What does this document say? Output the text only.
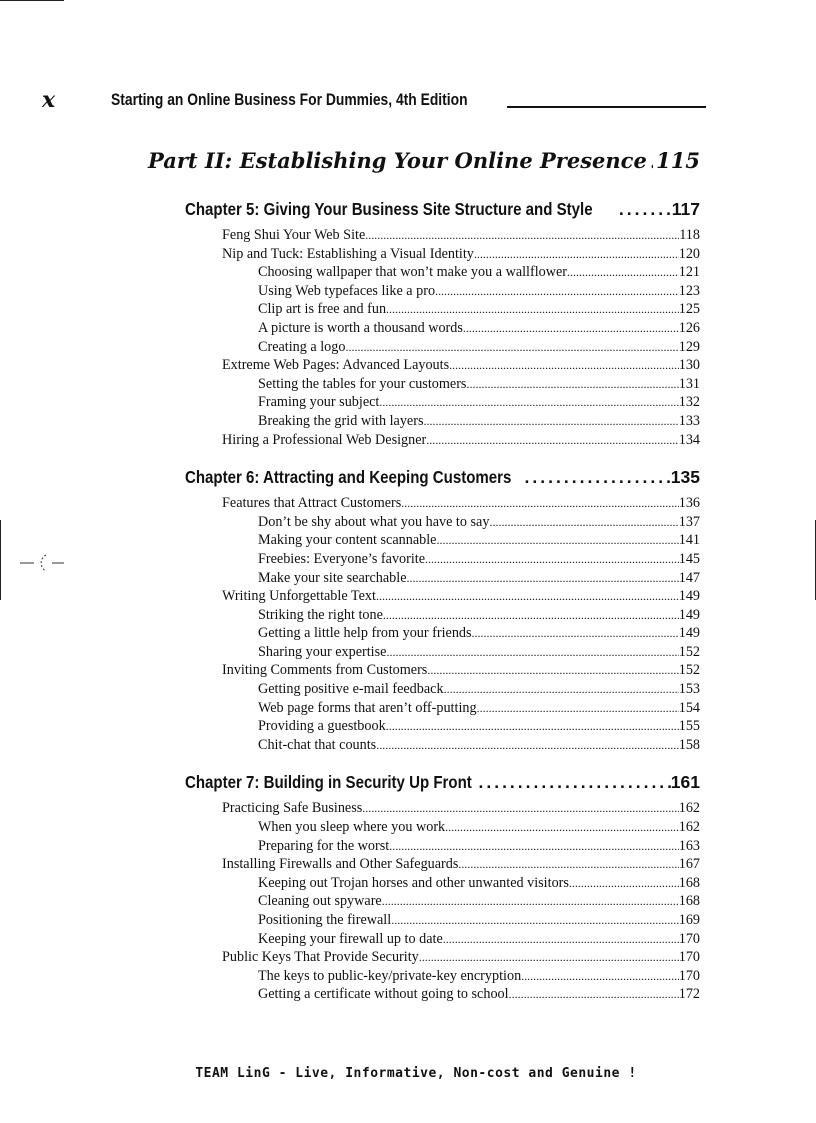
x	Starting an Online Business For Dummies, 4th Edition
Part II: Establishing Your Online Presence ..... 115
Chapter 5: Giving Your Business Site Structure and Style .....	117
Feng Shui Your Web Site .....	118
Nip and Tuck: Establishing a Visual Identity .....	120
Choosing wallpaper that won’t make you a wallflower .....	121
Using Web typefaces like a pro .....	123
Clip art is free and fun .....	125
A picture is worth a thousand words .....	126
Creating a logo .....	129
Extreme Web Pages: Advanced Layouts .....	130
Setting the tables for your customers .....	131
Framing your subject .....	132
Breaking the grid with layers .....	133
Hiring a Professional Web Designer .....	134
Chapter 6: Attracting and Keeping Customers .....	135
Features that Attract Customers .....	136
Don’t be shy about what you have to say .....	137
Making your content scannable .....	141
Freebies: Everyone’s favorite .....	145
Make your site searchable .....	147
Writing Unforgettable Text .....	149
Striking the right tone .....	149
Getting a little help from your friends .....	149
Sharing your expertise .....	152
Inviting Comments from Customers .....	152
Getting positive e-mail feedback .....	153
Web page forms that aren’t off-putting .....	154
Providing a guestbook .....	155
Chit-chat that counts .....	158
Chapter 7: Building in Security Up Front .....	161
Practicing Safe Business .....	162
When you sleep where you work .....	162
Preparing for the worst .....	163
Installing Firewalls and Other Safeguards .....	167
Keeping out Trojan horses and other unwanted visitors .....	168
Cleaning out spyware .....	168
Positioning the firewall .....	169
Keeping your firewall up to date .....	170
Public Keys That Provide Security .....	170
The keys to public-key/private-key encryption .....	170
Getting a certificate without going to school .....	172
TEAM LinG - Live, Informative, Non-cost and Genuine !
